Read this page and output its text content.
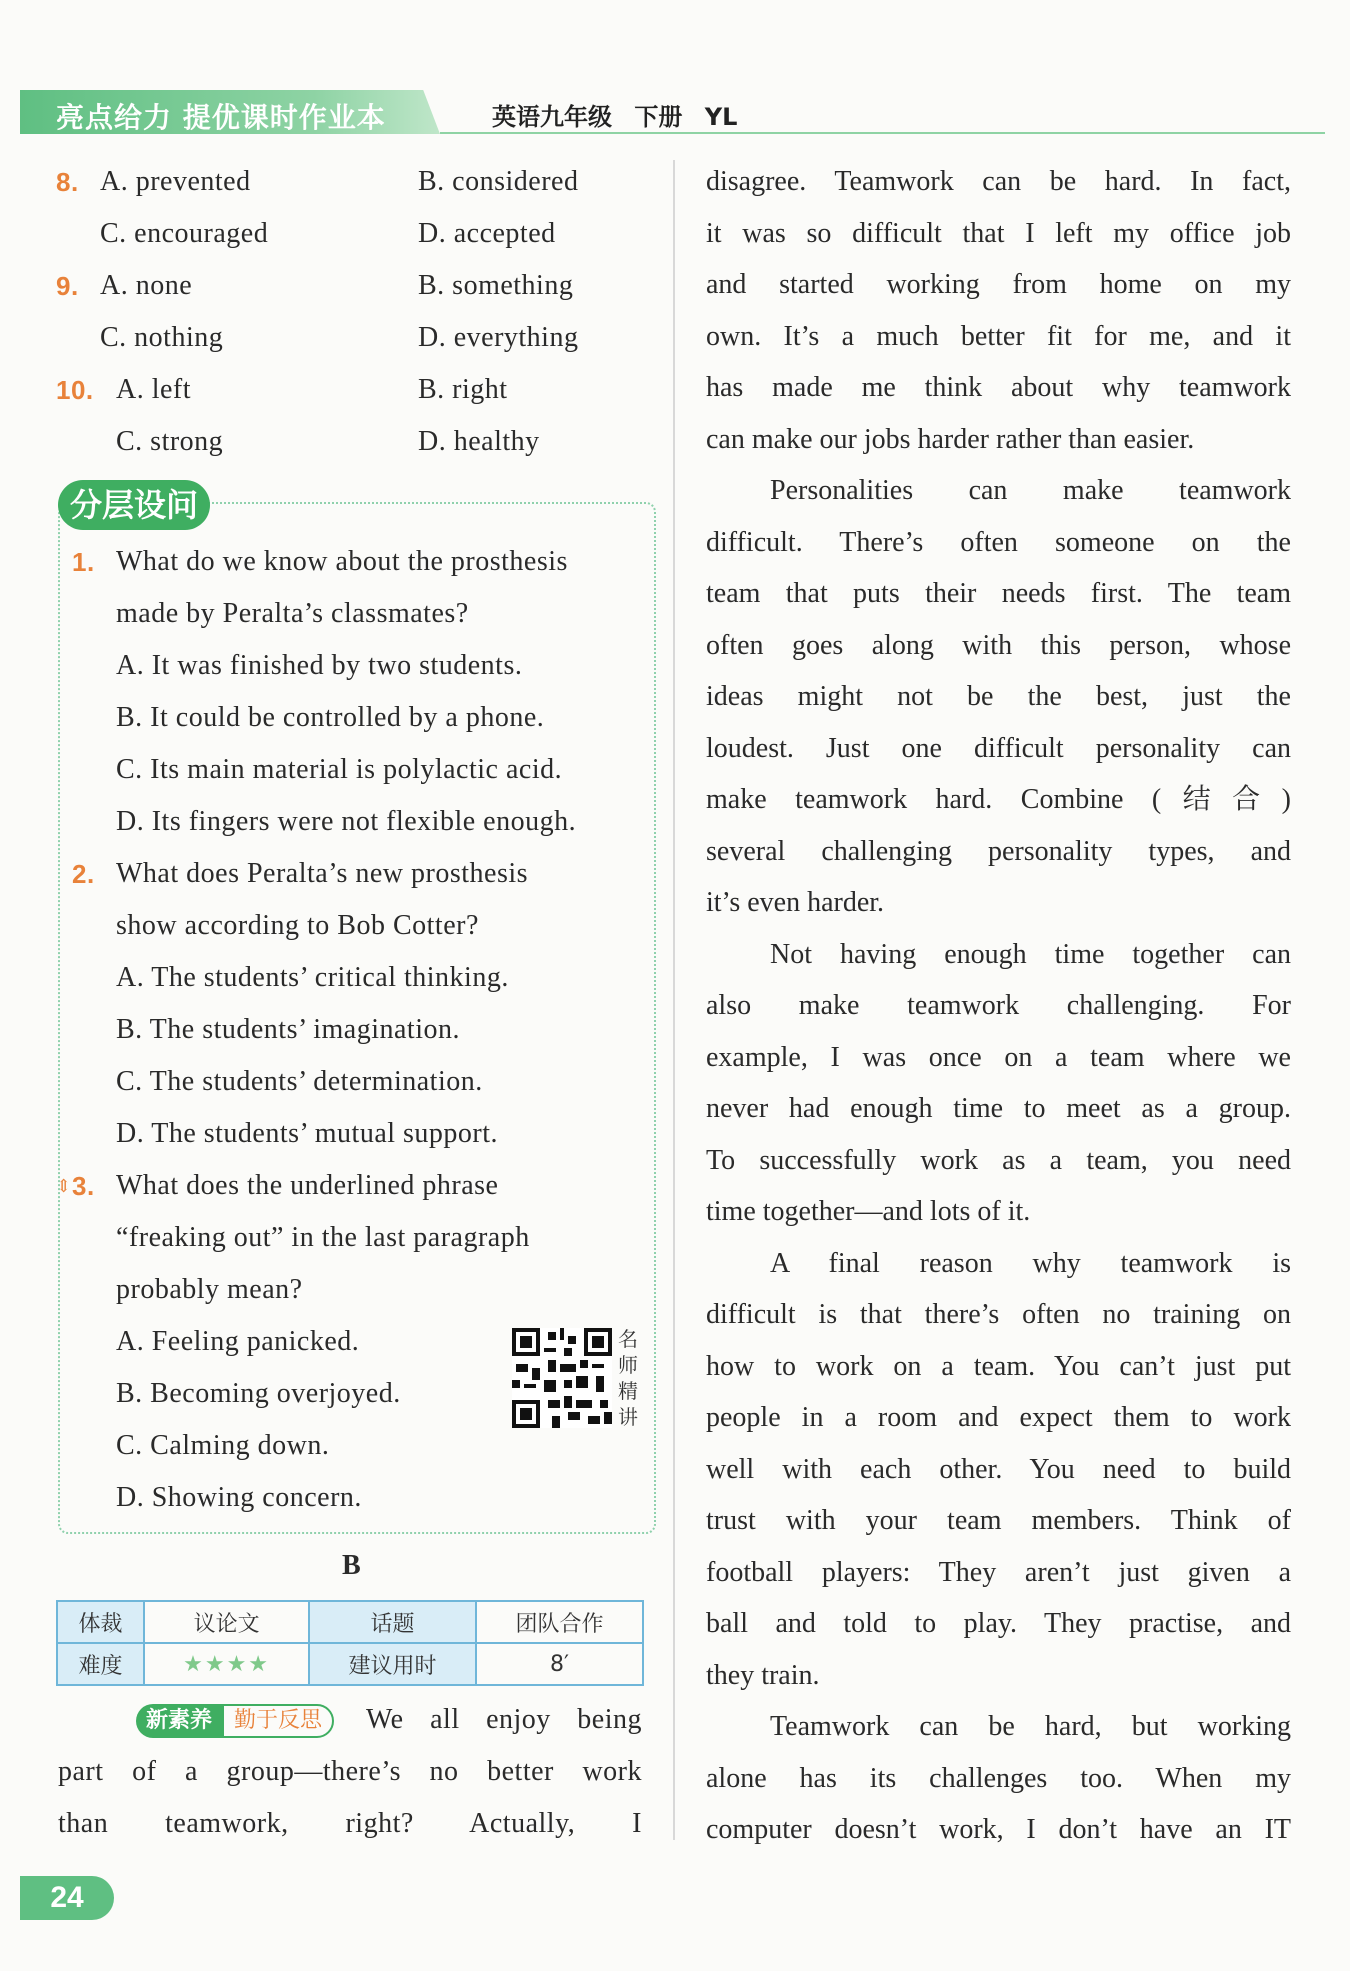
亮点给力 提优课时作业本	英语九年级 下册 YL
8. A. prevented	B. considered
C. encouraged	D. accepted
9. A. none	B. something
C. nothing	D. everything
10. A. left	B. right
C. strong	D. healthy
分层设问
1. What do we know about the prosthesis
made by Peralta’s classmates?
A. It was finished by two students.
B. It could be controlled by a phone.
C. Its main material is polylactic acid.
D. Its fingers were not flexible enough.
2. What does Peralta’s new prosthesis
show according to Bob Cotter?
A. The students’ critical thinking.
B. The students’ imagination.
C. The students’ determination.
D. The students’ mutual support.
⇕ 3. What does the underlined phrase
“freaking out” in the last paragraph
probably mean?
A. Feeling panicked.
B. Becoming overjoyed.
C. Calming down.
D. Showing concern.
名
师
精
讲
B
体裁	议论文	话题	团队合作
难度	★★★★	建议用时	8′
新素养 勤于反思	We all enjoy being
part of a group—there’s no better work
than teamwork, right? Actually, I
disagree. Teamwork can be hard. In fact,
it was so difficult that I left my office job
and started working from home on my
own. It’s a much better fit for me, and it
has made me think about why teamwork
can make our jobs harder rather than easier.
Personalities can make teamwork
difficult. There’s often someone on the
team that puts their needs first. The team
often goes along with this person, whose
ideas might not be the best, just the
loudest. Just one difficult personality can
make teamwork hard. Combine (结合)
several challenging personality types, and
it’s even harder.
Not having enough time together can
also make teamwork challenging. For
example, I was once on a team where we
never had enough time to meet as a group.
To successfully work as a team, you need
time together—and lots of it.
A final reason why teamwork is
difficult is that there’s often no training on
how to work on a team. You can’t just put
people in a room and expect them to work
well with each other. You need to build
trust with your team members. Think of
football players: They aren’t just given a
ball and told to play. They practise, and
they train.
Teamwork can be hard, but working
alone has its challenges too. When my
computer doesn’t work, I don’t have an IT
24
